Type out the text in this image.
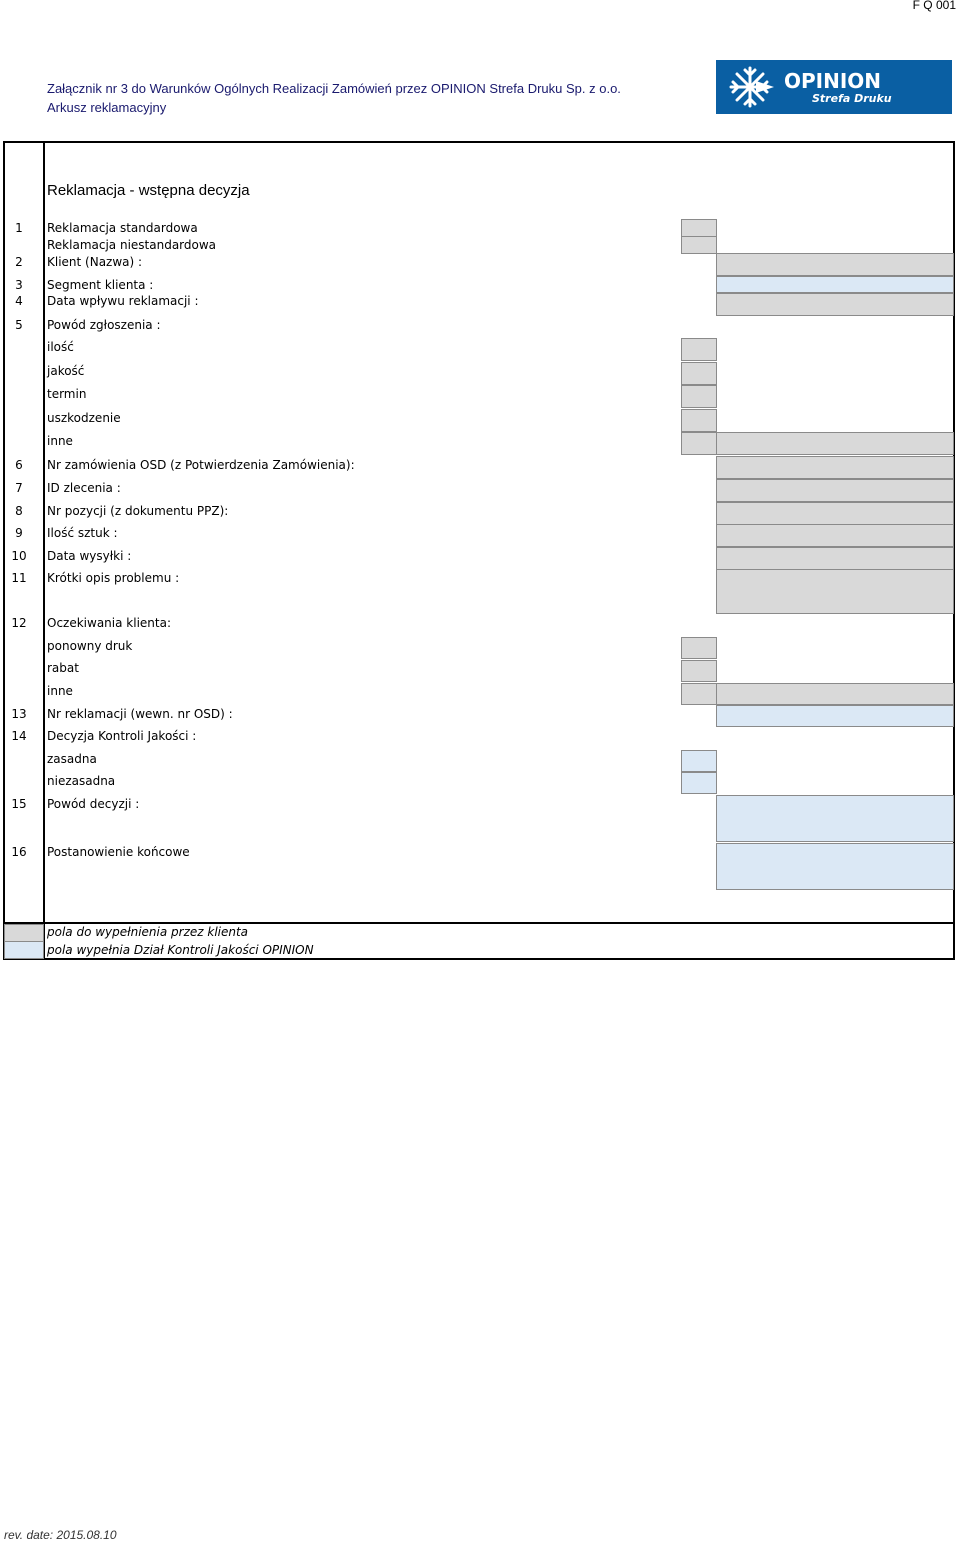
F Q 001
Załącznik nr 3 do Warunków Ogólnych Realizacji Zamówień przez OPINION Strefa Druku Sp. z o.o.
Arkusz reklamacyjny
OPINION
Strefa Druku
Reklamacja - wstępna decyzja
1	Reklamacja standardowa
Reklamacja niestandardowa
2	Klient (Nazwa) :
3	Segment klienta :
4	Data wpływu reklamacji :
5	Powód zgłoszenia :
ilość
jakość
termin
uszkodzenie
inne
6	Nr zamówienia OSD (z Potwierdzenia Zamówienia):
7	ID zlecenia :
8	Nr pozycji (z dokumentu PPZ):
9	Ilość sztuk :
10	Data wysyłki :
11	Krótki opis problemu :
12	Oczekiwania klienta:
ponowny druk
rabat
inne
13	Nr reklamacji (wewn. nr OSD) :
14	Decyzja Kontroli Jakości :
zasadna
niezasadna
15	Powód decyzji :
16	Postanowienie końcowe
pola do wypełnienia przez klienta
pola wypełnia Dział Kontroli Jakości OPINION
rev. date: 2015.08.10
